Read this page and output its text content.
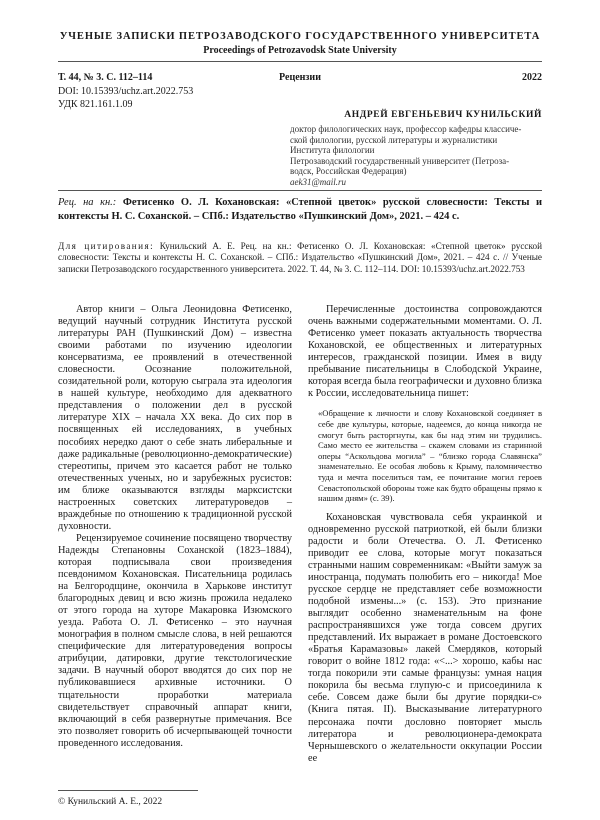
УЧЕНЫЕ ЗАПИСКИ ПЕТРОЗАВОДСКОГО ГОСУДАРСТВЕННОГО УНИВЕРСИТЕТА
Proceedings of Petrozavodsk State University
Т. 44, № 3. С. 112–114	Рецензии	2022
DOI: 10.15393/uchz.art.2022.753
УДК 821.161.1.09
АНДРЕЙ ЕВГЕНЬЕВИЧ КУНИЛЬСКИЙ
доктор филологических наук, профессор кафедры классиче-
ской филологии, русской литературы и журналистики
Института филологии
Петрозаводский государственный университет (Петроза-
водск, Российская Федерация)
aek31@mail.ru
Рец. на кн.: Фетисенко О. Л. Кохановская: «Степной цветок» русской словесности: Тексты и контексты Н. С. Соханской. – СПб.: Издательство «Пушкинский Дом», 2021. – 424 с.
Для цитирования: Кунильский А. Е. Рец. на кн.: Фетисенко О. Л. Кохановская: «Степной цветок» русской словесности: Тексты и контексты Н. С. Соханской. – СПб.: Издательство «Пушкинский Дом», 2021. – 424 с. // Ученые записки Петрозаводского государственного университета. 2022. Т. 44, № 3. С. 112–114. DOI: 10.15393/uchz.art.2022.753

Автор книги – Ольга Леонидовна Фетисенко, ведущий научный сотрудник Института русской литературы РАН (Пушкинский Дом) – известна своими работами по изучению идеологии консерватизма, ее проявлений в отечественной словесности. Осознание положительной, созидательной роли, которую сыграла эта идеология в нашей культуре, необходимо для адекватного представления о положении дел в русской литературе XIX – начала ХХ века. До сих пор в посвященных ей исследованиях, в учебных пособиях нередко дают о себе знать либеральные и даже радикальные (революционно-демократические) стереотипы, причем это касается работ не только отечественных ученых, но и зарубежных русистов: им ближе оказываются взгляды марксистски настроенных советских литературоведов – враждебные по отношению к традиционной русской духовности.

Рецензируемое сочинение посвящено творчеству Надежды Степановны Соханской (1823–1884), которая подписывала свои произведения псевдонимом Кохановская. Писательница родилась на Белгородщине, окончила в Харькове институт благородных девиц и всю жизнь прожила недалеко от этого города на хуторе Макаровка Изюмского уезда. Работа О. Л. Фетисенко – это научная монография в полном смысле слова, в ней решаются специфические для литературоведения вопросы атрибуции, датировки, другие текстологические задачи. В научный оборот вводятся до сих пор не публиковавшиеся архивные источники. О тщательности проработки материала свидетельствует справочный аппарат книги, включающий в себя развернутые примечания. Все это позволяет говорить об исчерпывающей точности проведенного исследования.

Перечисленные достоинства сопровождаются очень важными содержательными моментами. О. Л. Фетисенко умеет показать актуальность творчества Кохановской, ее общественных и литературных интересов, гражданской позиции. Имея в виду пребывание писательницы в Слободской Украине, которая всегда была географически и духовно близка к России, исследовательница пишет:

«Обращение к личности и слову Кохановской соединяет в себе две культуры, которые, надеемся, до конца никогда не смогут быть расторгнуты, как бы над этим ни трудились. Само место ее жительства – скажем словами из старинной оперы “Аскольдова могила” – “близко города Славянска” знаменательно. Ее особая любовь к Крыму, паломничество туда и мечта поселиться там, ее почитание могил героев Севастопольской обороны тоже как будто обращены прямо к нашим дням» (с. 39).

Кохановская чувствовала себя украинкой и одновременно русской патриоткой, ей были близки радости и боли Отечества. О. Л. Фетисенко приводит ее слова, которые могут показаться странными нашим современникам: «Выйти замуж за иностранца, подумать полюбить его – никогда! Мое русское сердце не представляет себе возможности подобной измены...» (с. 153). Это признание выглядит особенно знаменательным на фоне распространявшихся уже тогда совсем других представлений. Их выражает в романе Достоевского «Братья Карамазовы» лакей Смердяков, который говорит о войне 1812 года: «<...> хорошо, кабы нас тогда покорили эти самые французы: умная нация покорила бы весьма глупую-с и присоединила к себе. Совсем даже были бы другие порядки-с» (Книга пятая. II). Высказывание литературного персонажа почти дословно повторяет мысль литератора и революционера-демократа Чернышевского о желательности оккупации России ее

© Кунильский А. Е., 2022
